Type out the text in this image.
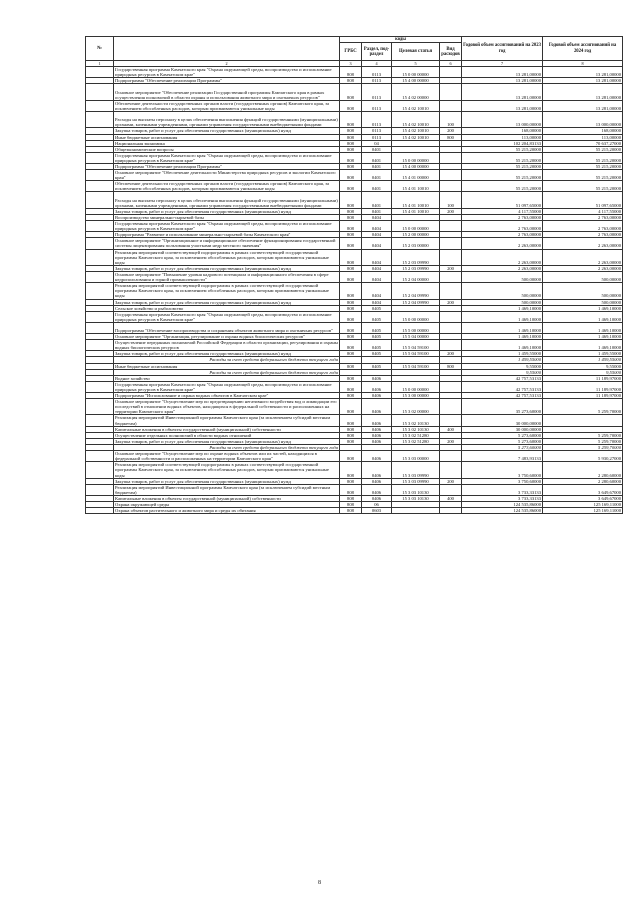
№		коды				Годовой объем ассигнований на 2023 год	Годовой объем ассигнований на 2024 год
		ГРБС	Раздел, под-раздел	Целевая статья	Вид расходов		
1	2	3	4	5	6	7	8
	Государственная программа Камчатского края "Охрана окружающей среды, воспроизводство и использование природных ресурсов в Камчатском крае"	808	0113	15 0 00 00000		13 281,00000	13 281,00000
	Подпрограмма "Обеспечение реализации Программы"	808	0113	15 4 00 00000		13 281,00000	13 281,00000
	Основное мероприятие "Обеспечение реализации Государственной программы Камчатского края в рамках осуществления полномочий в области охраны и использования животного мира и охотничьих ресурсов"	808	0113	15 4 02 00000		13 281,00000	13 281,00000
	Обеспечение деятельности государственных органов власти (государственных органов) Камчатского края, за исключением обособленных расходов, которым присваиваются уникальные коды	808	0113	15 4 02 10010		13 281,00000	13 281,00000
	Расходы на выплаты персоналу в целях обеспечения выполнения функций государственными (муниципальными) органами, казенными учреждениями, органами управления государственными внебюджетными фондами	808	0113	15 4 02 10010	100	13 000,00000	13 000,00000
	Закупка товаров, работ и услуг для обеспечения государственных (муниципальных) нужд	808	0113	15 4 02 10010	200	168,00000	168,00000
	Иные бюджетные ассигнования	808	0113	15 4 02 10010	800	113,00000	113,00000
	Национальная экономика	808	04			102 204,83133	70 637,27000
	Общеэкономические вопросы	808	0401			55 215,20000	55 215,20000
	Государственная программа Камчатского края "Охрана окружающей среды, воспроизводство и использование природных ресурсов в Камчатском крае"	808	0401	15 0 00 00000		55 215,20000	55 215,20000
	Подпрограмма "Обеспечение реализации Программы"	808	0401	15 4 00 00000		55 215,20000	55 215,20000
	Основное мероприятие "Обеспечение деятельности Министерства природных ресурсов и экологии Камчатского края"	808	0401	15 4 01 00000		55 215,20000	55 215,20000
	Обеспечение деятельности государственных органов власти (государственных органов) Камчатского края, за исключением обособленных расходов, которым присваиваются уникальные коды	808	0401	15 4 01 10010		55 215,20000	55 215,20000
	Расходы на выплаты персоналу в целях обеспечения выполнения функций государственными (муниципальными) органами, казенными учреждениями, органами управления государственными внебюджетными фондами	808	0401	15 4 01 10010	100	51 097,65000	51 097,65000
	Закупка товаров, работ и услуг для обеспечения государственных (муниципальных) нужд	808	0401	15 4 01 10010	200	4 117,55000	4 117,55000
	Воспроизводство минерально-сырьевой базы	808	0404			2 763,00000	2 763,00000
	Государственная программа Камчатского края "Охрана окружающей среды, воспроизводство и использование природных ресурсов в Камчатском крае"	808	0404	15 0 00 00000		2 763,00000	2 763,00000
	Подпрограмма "Развитие и использование минерально-сырьевой базы Камчатского края"	808	0404	15 2 00 00000		2 763,00000	2 763,00000
	Основное мероприятие "Организационное и информационное обеспечение функционирования государственной системы лицензирования пользования участками недр местного значения"	808	0404	15 2 03 00000		2 263,00000	2 263,00000
	Реализация мероприятий соответствующей подпрограммы в рамках соответствующей государственной программы Камчатского края, за исключением обособленных расходов, которым присваиваются уникальные коды	808	0404	15 2 03 09990		2 263,00000	2 263,00000
	Закупка товаров, работ и услуг для обеспечения государственных (муниципальных) нужд	808	0404	15 2 03 09990	200	2 263,00000	2 263,00000
	Основное мероприятие "Повышение уровня кадрового потенциала и информационного обеспечения в сфере недропользования и горной промышленности"	808	0404	15 2 04 00000		500,00000	500,00000
	Реализация мероприятий соответствующей подпрограммы в рамках соответствующей государственной программы Камчатского края, за исключением обособленных расходов, которым присваиваются уникальные коды	808	0404	15 2 04 09990		500,00000	500,00000
	Закупка товаров, работ и услуг для обеспечения государственных (муниципальных) нужд	808	0404	15 2 04 09990	200	500,00000	500,00000
	Сельское хозяйство и рыболовство	808	0405			1 469,10000	1 469,10000
	Государственная программа Камчатского края "Охрана окружающей среды, воспроизводство и использование природных ресурсов в Камчатском крае"	808	0405	15 0 00 00000		1 469,10000	1 469,10000
	Подпрограмма "Обеспечение воспроизводства и сохранения объектов животного мира и охотничьих ресурсов"	808	0405	15 5 00 00000		1 469,10000	1 469,10000
	Основное мероприятие "Организация, регулирование и охрана водных биологических ресурсов"	808	0405	15 5 04 00000		1 469,10000	1 469,10000
	Осуществление переданных полномочий Российской Федерации в области организации, регулирования и охраны водных биологических ресурсов	808	0405	15 5 04 59100		1 469,10000	1 469,10000
	Закупка товаров, работ и услуг для обеспечения государственных (муниципальных) нужд	808	0405	15 5 04 59100	200	1 459,55000	1 459,55000
	Расходы за счет средств федерального бюджета текущего года					1 459,55000	1 459,55000
	Иные бюджетные ассигнования	808	0405	15 5 04 59100	800	9,55000	9,55000
	Расходы за счет средств федерального бюджета текущего года					9,55000	9,55000
	Водное хозяйство	808	0406			42 757,53133	11 189,97000
	Государственная программа Камчатского края "Охрана окружающей среды, воспроизводство и использование природных ресурсов в Камчатском крае"	808	0406	15 0 00 00000		42 757,53133	11 189,97000
	Подпрограмма "Использование и охрана водных объектов в Камчатском крае"	808	0406	15 3 00 00000		42 757,53133	11 189,97000
	Основное мероприятие "Осуществление мер по предотвращению негативного воздействия вод и ликвидации его последствий в отношении водных объектов, находящихся в федеральной собственности и расположенных на территории Камчатского края"	808	0406	15 3 02 00000		35 273,60000	5 259,70000
	Реализация мероприятий Инвестиционной программы Камчатского края (за исключением субсидий местным бюджетам)	808	0406	15 3 02 10130		30 000,00000	
	Капитальные вложения в объекты государственной (муниципальной) собственности	808	0406	15 3 02 10130	400	30 000,00000	
	Осуществление отдельных полномочий в области водных отношений	808	0406	15 3 02 51280		5 273,60000	5 259,70000
	Закупка товаров, работ и услуг для обеспечения государственных (муниципальных) нужд	808	0406	15 3 02 51280	200	5 273,60000	5 259,70000
	Расходы за счет средств федерального бюджета текущего года					5 273,60000	5 259,70000
	Основное мероприятие "Осуществление мер по охране водных объектов или их частей, находящихся в федеральной собственности и расположенных на территории Камчатского края"	808	0406	15 3 03 00000		7 483,93133	5 930,27000
	Реализация мероприятий соответствующей подпрограммы в рамках соответствующей государственной программы Камчатского края, за исключением обособленных расходов, которым присваиваются уникальные коды	808	0406	15 3 03 09990		3 750,60000	2 280,60000
	Закупка товаров, работ и услуг для обеспечения государственных (муниципальных) нужд	808	0406	15 3 03 09990	200	3 750,60000	2 280,60000
	Реализация мероприятий Инвестиционной программы Камчатского края (за исключением субсидий местным бюджетам)	808	0406	15 3 03 10130		3 733,33133	3 649,67000
	Капитальные вложения в объекты государственной (муниципальной) собственности	808	0406	15 3 03 10130	400	3 733,33133	3 649,67000
	Охрана окружающей среды	808	06			124 535,86000	125 169,11000
	Охрана объектов растительного и животного мира и среды их обитания	808	0603			124 535,86000	125 169,11000
8
